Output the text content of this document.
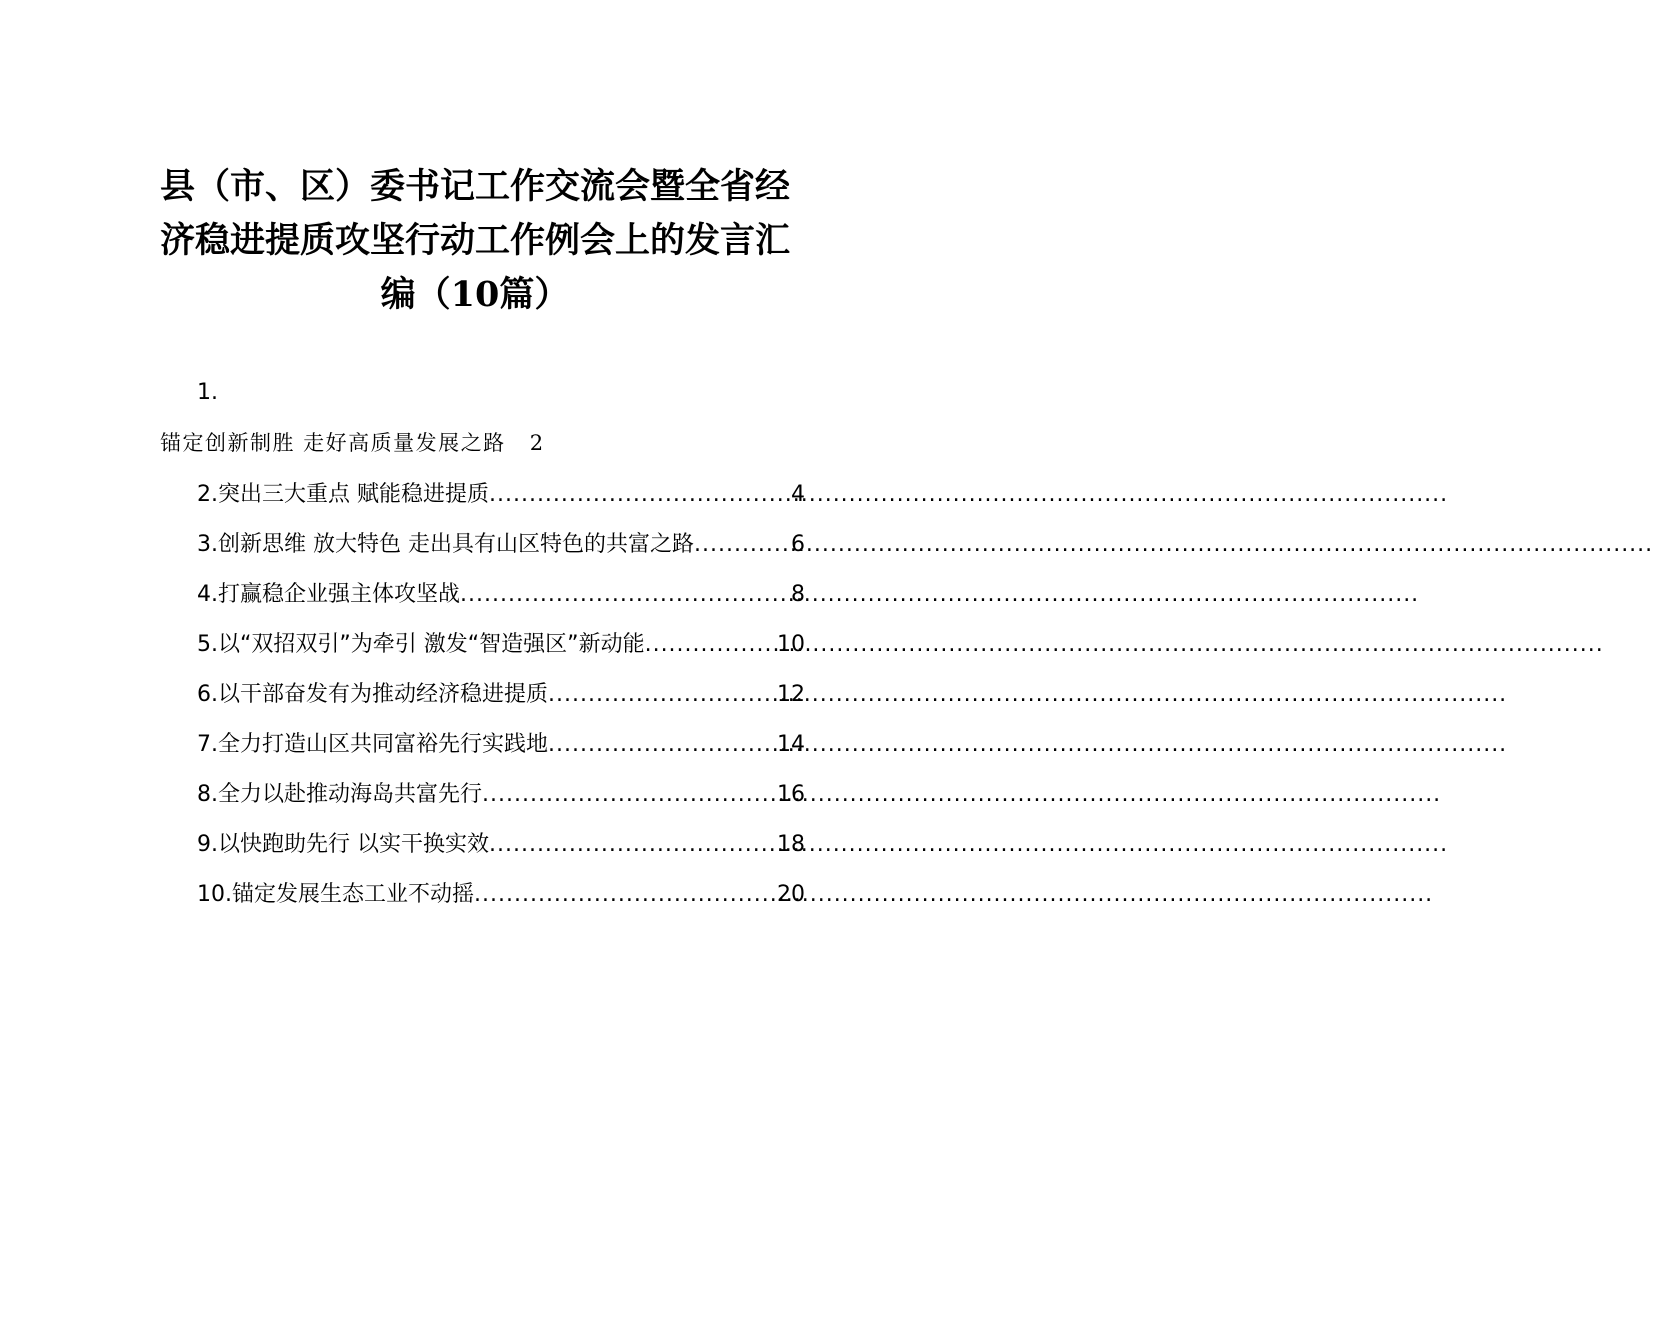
县（市、区）委书记工作交流会暨全省经
济稳进提质攻坚行动工作例会上的发言汇
编（10篇）
1.
锚定创新制胜 走好高质量发展之路 2
2.突出三大重点 赋能稳进提质 .....	4
3.创新思维 放大特色 走出具有山区特色的共富之路 .....	6
4.打赢稳企业强主体攻坚战 .....	8
5.以“双招双引”为牵引 激发“智造强区”新动能 .....	10
6.以干部奋发有为推动经济稳进提质 .....	12
7.全力打造山区共同富裕先行实践地 .....	14
8.全力以赴推动海岛共富先行 .....	16
9.以快跑助先行 以实干换实效 .....	18
10.锚定发展生态工业不动摇 .....	20
